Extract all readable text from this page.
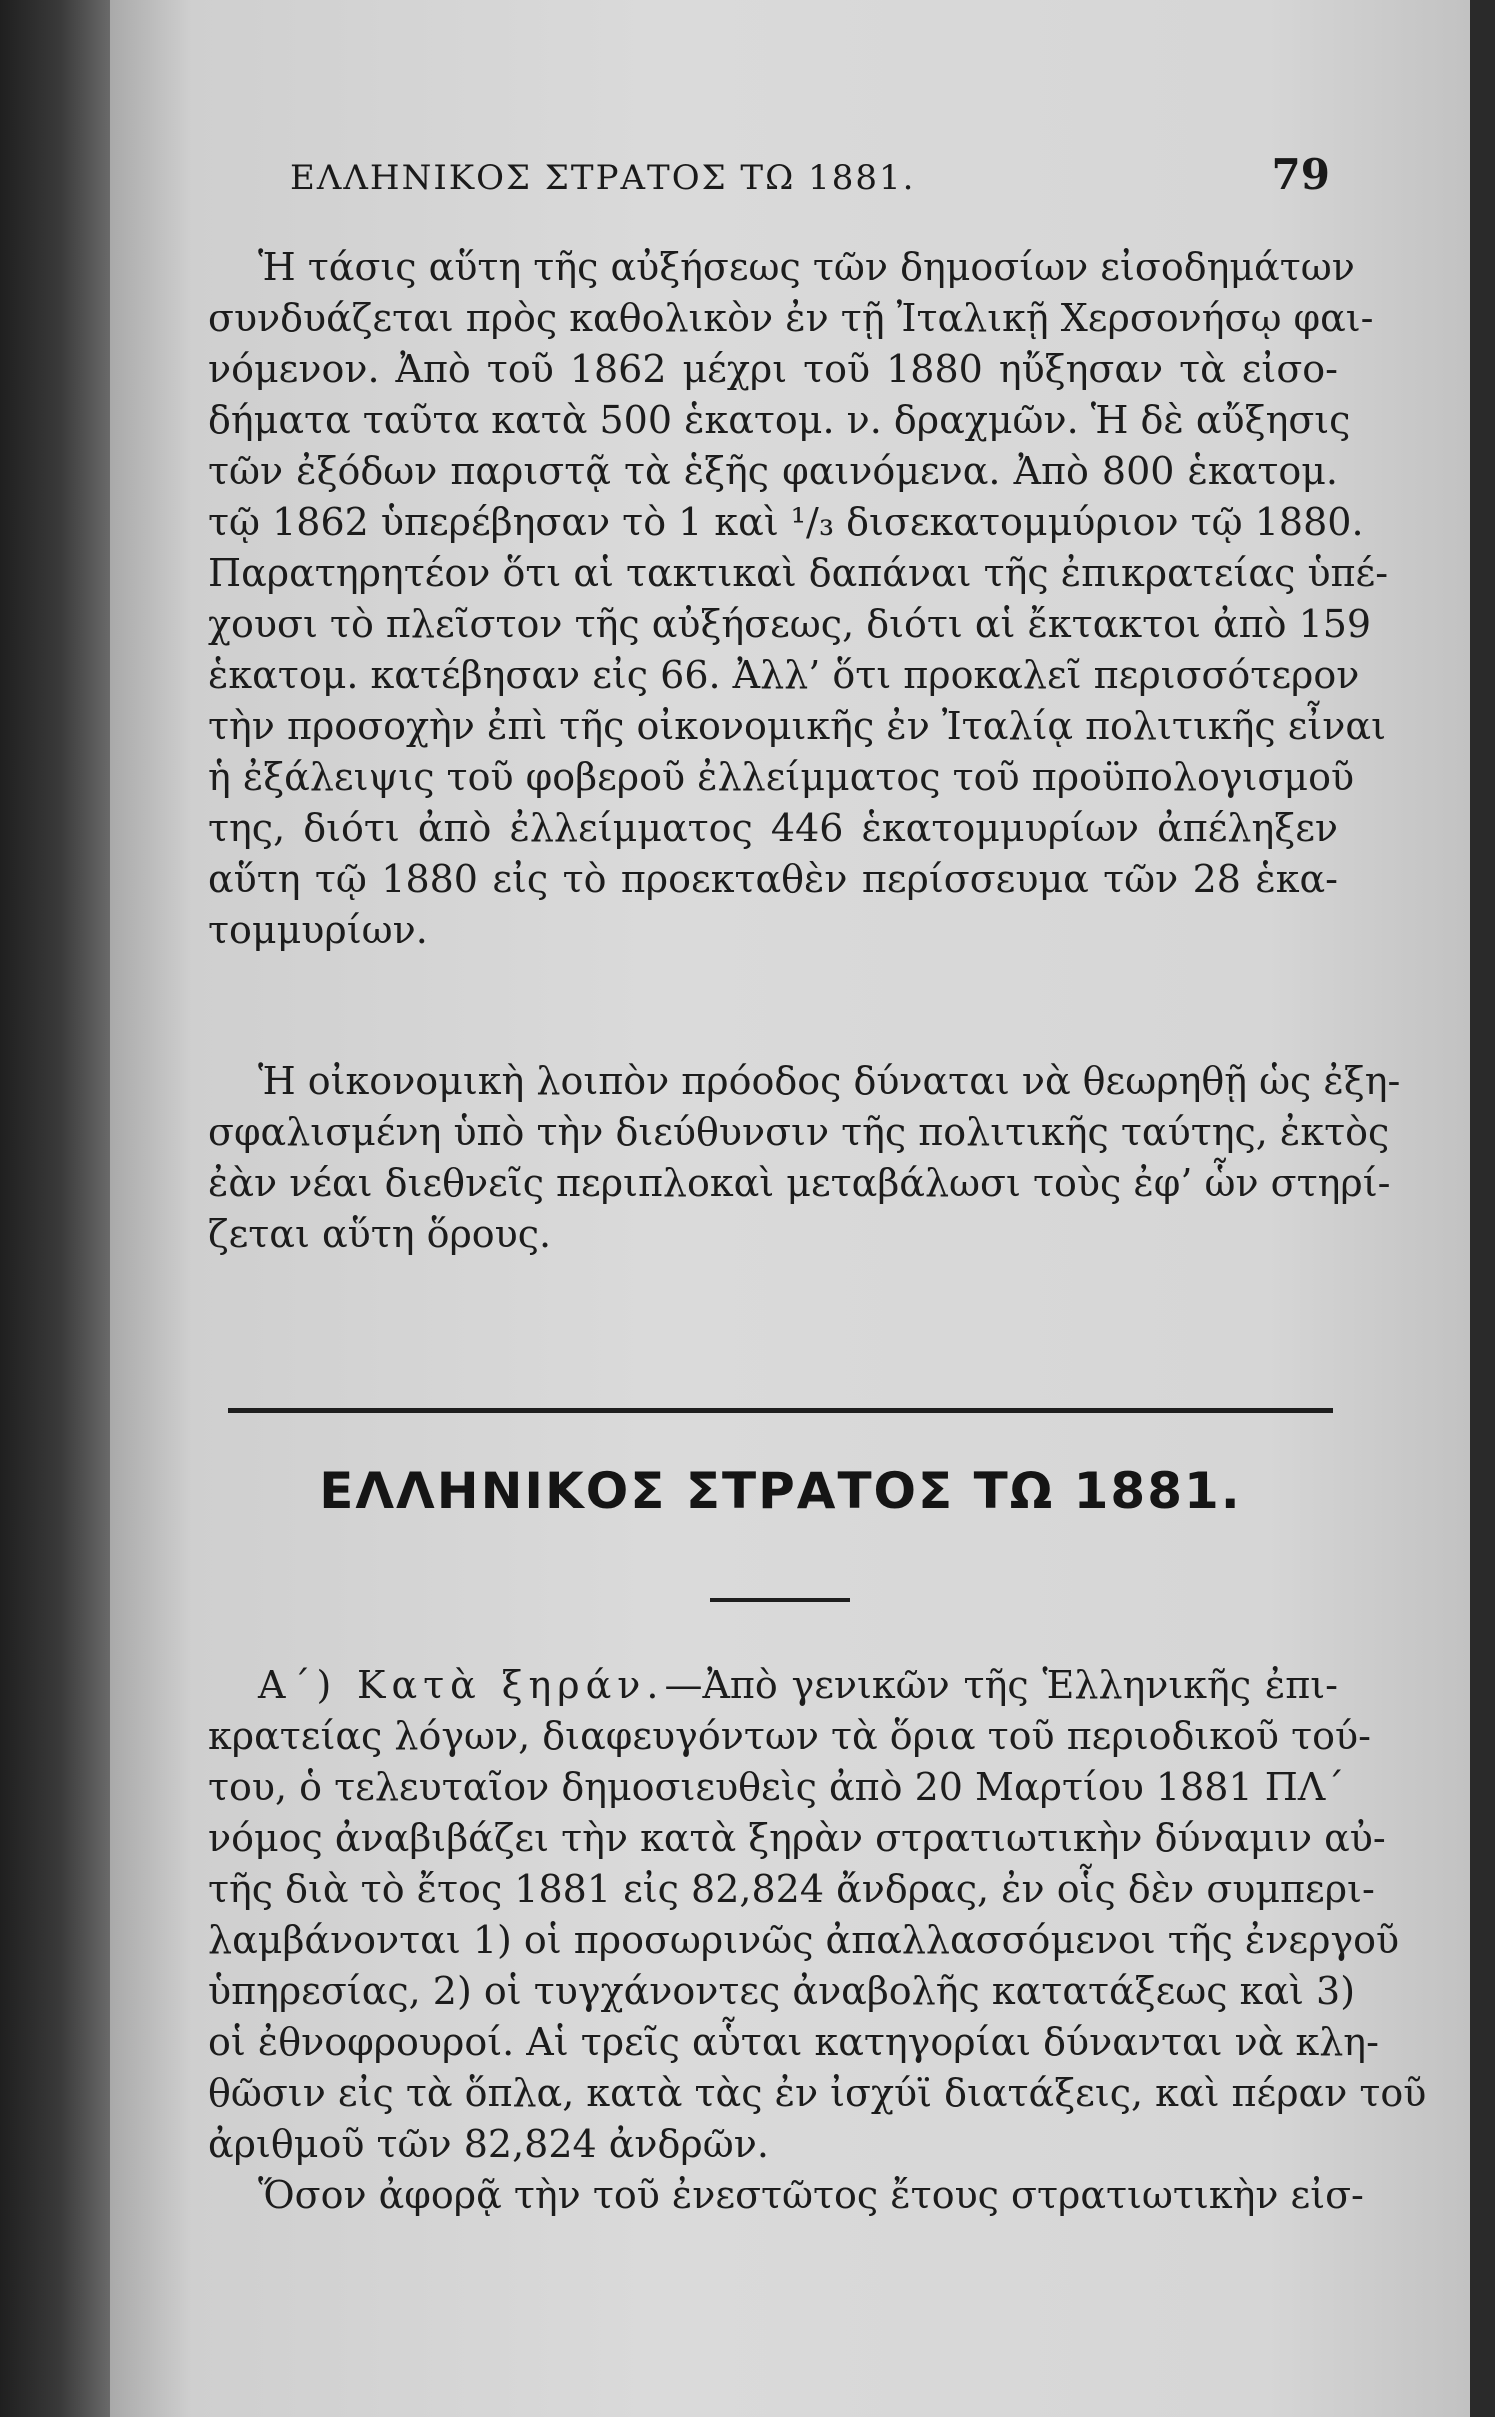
ΕΛΛΗΝΙΚΟΣ ΣΤΡΑΤΟΣ ΤΩ 1881.	79
Ἡ τάσις αὕτη τῆς αὐξήσεως τῶν δημοσίων εἰσοδημάτων
συνδυάζεται πρὸς καθολικὸν ἐν τῇ Ἰταλικῇ Χερσονήσῳ φαι-
νόμενον. Ἀπὸ τοῦ 1862 μέχρι τοῦ 1880 ηὔξησαν τὰ εἰσο-
δήματα ταῦτα κατὰ 500 ἑκατομ. ν. δραχμῶν. Ἡ δὲ αὔξησις
τῶν ἐξόδων παριστᾷ τὰ ἑξῆς φαινόμενα. Ἀπὸ 800 ἑκατομ.
τῷ 1862 ὑπερέβησαν τὸ 1 καὶ ¹/₃ δισεκατομμύριον τῷ 1880.
Παρατηρητέον ὅτι αἱ τακτικαὶ δαπάναι τῆς ἐπικρατείας ὑπέ-
χουσι τὸ πλεῖστον τῆς αὐξήσεως, διότι αἱ ἔκτακτοι ἀπὸ 159
ἑκατομ. κατέβησαν εἰς 66. Ἀλλ’ ὅτι προκαλεῖ περισσότερον
τὴν προσοχὴν ἐπὶ τῆς οἰκονομικῆς ἐν Ἰταλίᾳ πολιτικῆς εἶναι
ἡ ἐξάλειψις τοῦ φοβεροῦ ἐλλείμματος τοῦ προϋπολογισμοῦ
της, διότι ἀπὸ ἐλλείμματος 446 ἑκατομμυρίων ἀπέληξεν
αὕτη τῷ 1880 εἰς τὸ προεκταθὲν περίσσευμα τῶν 28 ἑκα-
τομμυρίων.
Ἡ οἰκονομικὴ λοιπὸν πρόοδος δύναται νὰ θεωρηθῇ ὡς ἐξη-
σφαλισμένη ὑπὸ τὴν διεύθυνσιν τῆς πολιτικῆς ταύτης, ἐκτὸς
ἐὰν νέαι διεθνεῖς περιπλοκαὶ μεταβάλωσι τοὺς ἐφ’ ὧν στηρί-
ζεται αὕτη ὅρους.
ΕΛΛΗΝΙΚΟΣ ΣΤΡΑΤΟΣ ΤΩ 1881.
Α΄) Κατὰ ξηράν.—Ἀπὸ γενικῶν τῆς Ἑλληνικῆς ἐπι-
κρατείας λόγων, διαφευγόντων τὰ ὅρια τοῦ περιοδικοῦ τού-
του, ὁ τελευταῖον δημοσιευθεὶς ἀπὸ 20 Μαρτίου 1881 ΠΛ΄
νόμος ἀναβιβάζει τὴν κατὰ ξηρὰν στρατιωτικὴν δύναμιν αὐ-
τῆς διὰ τὸ ἔτος 1881 εἰς 82,824 ἄνδρας, ἐν οἷς δὲν συμπερι-
λαμβάνονται 1) οἱ προσωρινῶς ἀπαλλασσόμενοι τῆς ἐνεργοῦ
ὑπηρεσίας, 2) οἱ τυγχάνοντες ἀναβολῆς κατατάξεως καὶ 3)
οἱ ἐθνοφρουροί. Αἱ τρεῖς αὗται κατηγορίαι δύνανται νὰ κλη-
θῶσιν εἰς τὰ ὅπλα, κατὰ τὰς ἐν ἰσχύϊ διατάξεις, καὶ πέραν τοῦ
ἀριθμοῦ τῶν 82,824 ἀνδρῶν.
Ὅσον ἀφορᾷ τὴν τοῦ ἐνεστῶτος ἔτους στρατιωτικὴν εἰσ-
